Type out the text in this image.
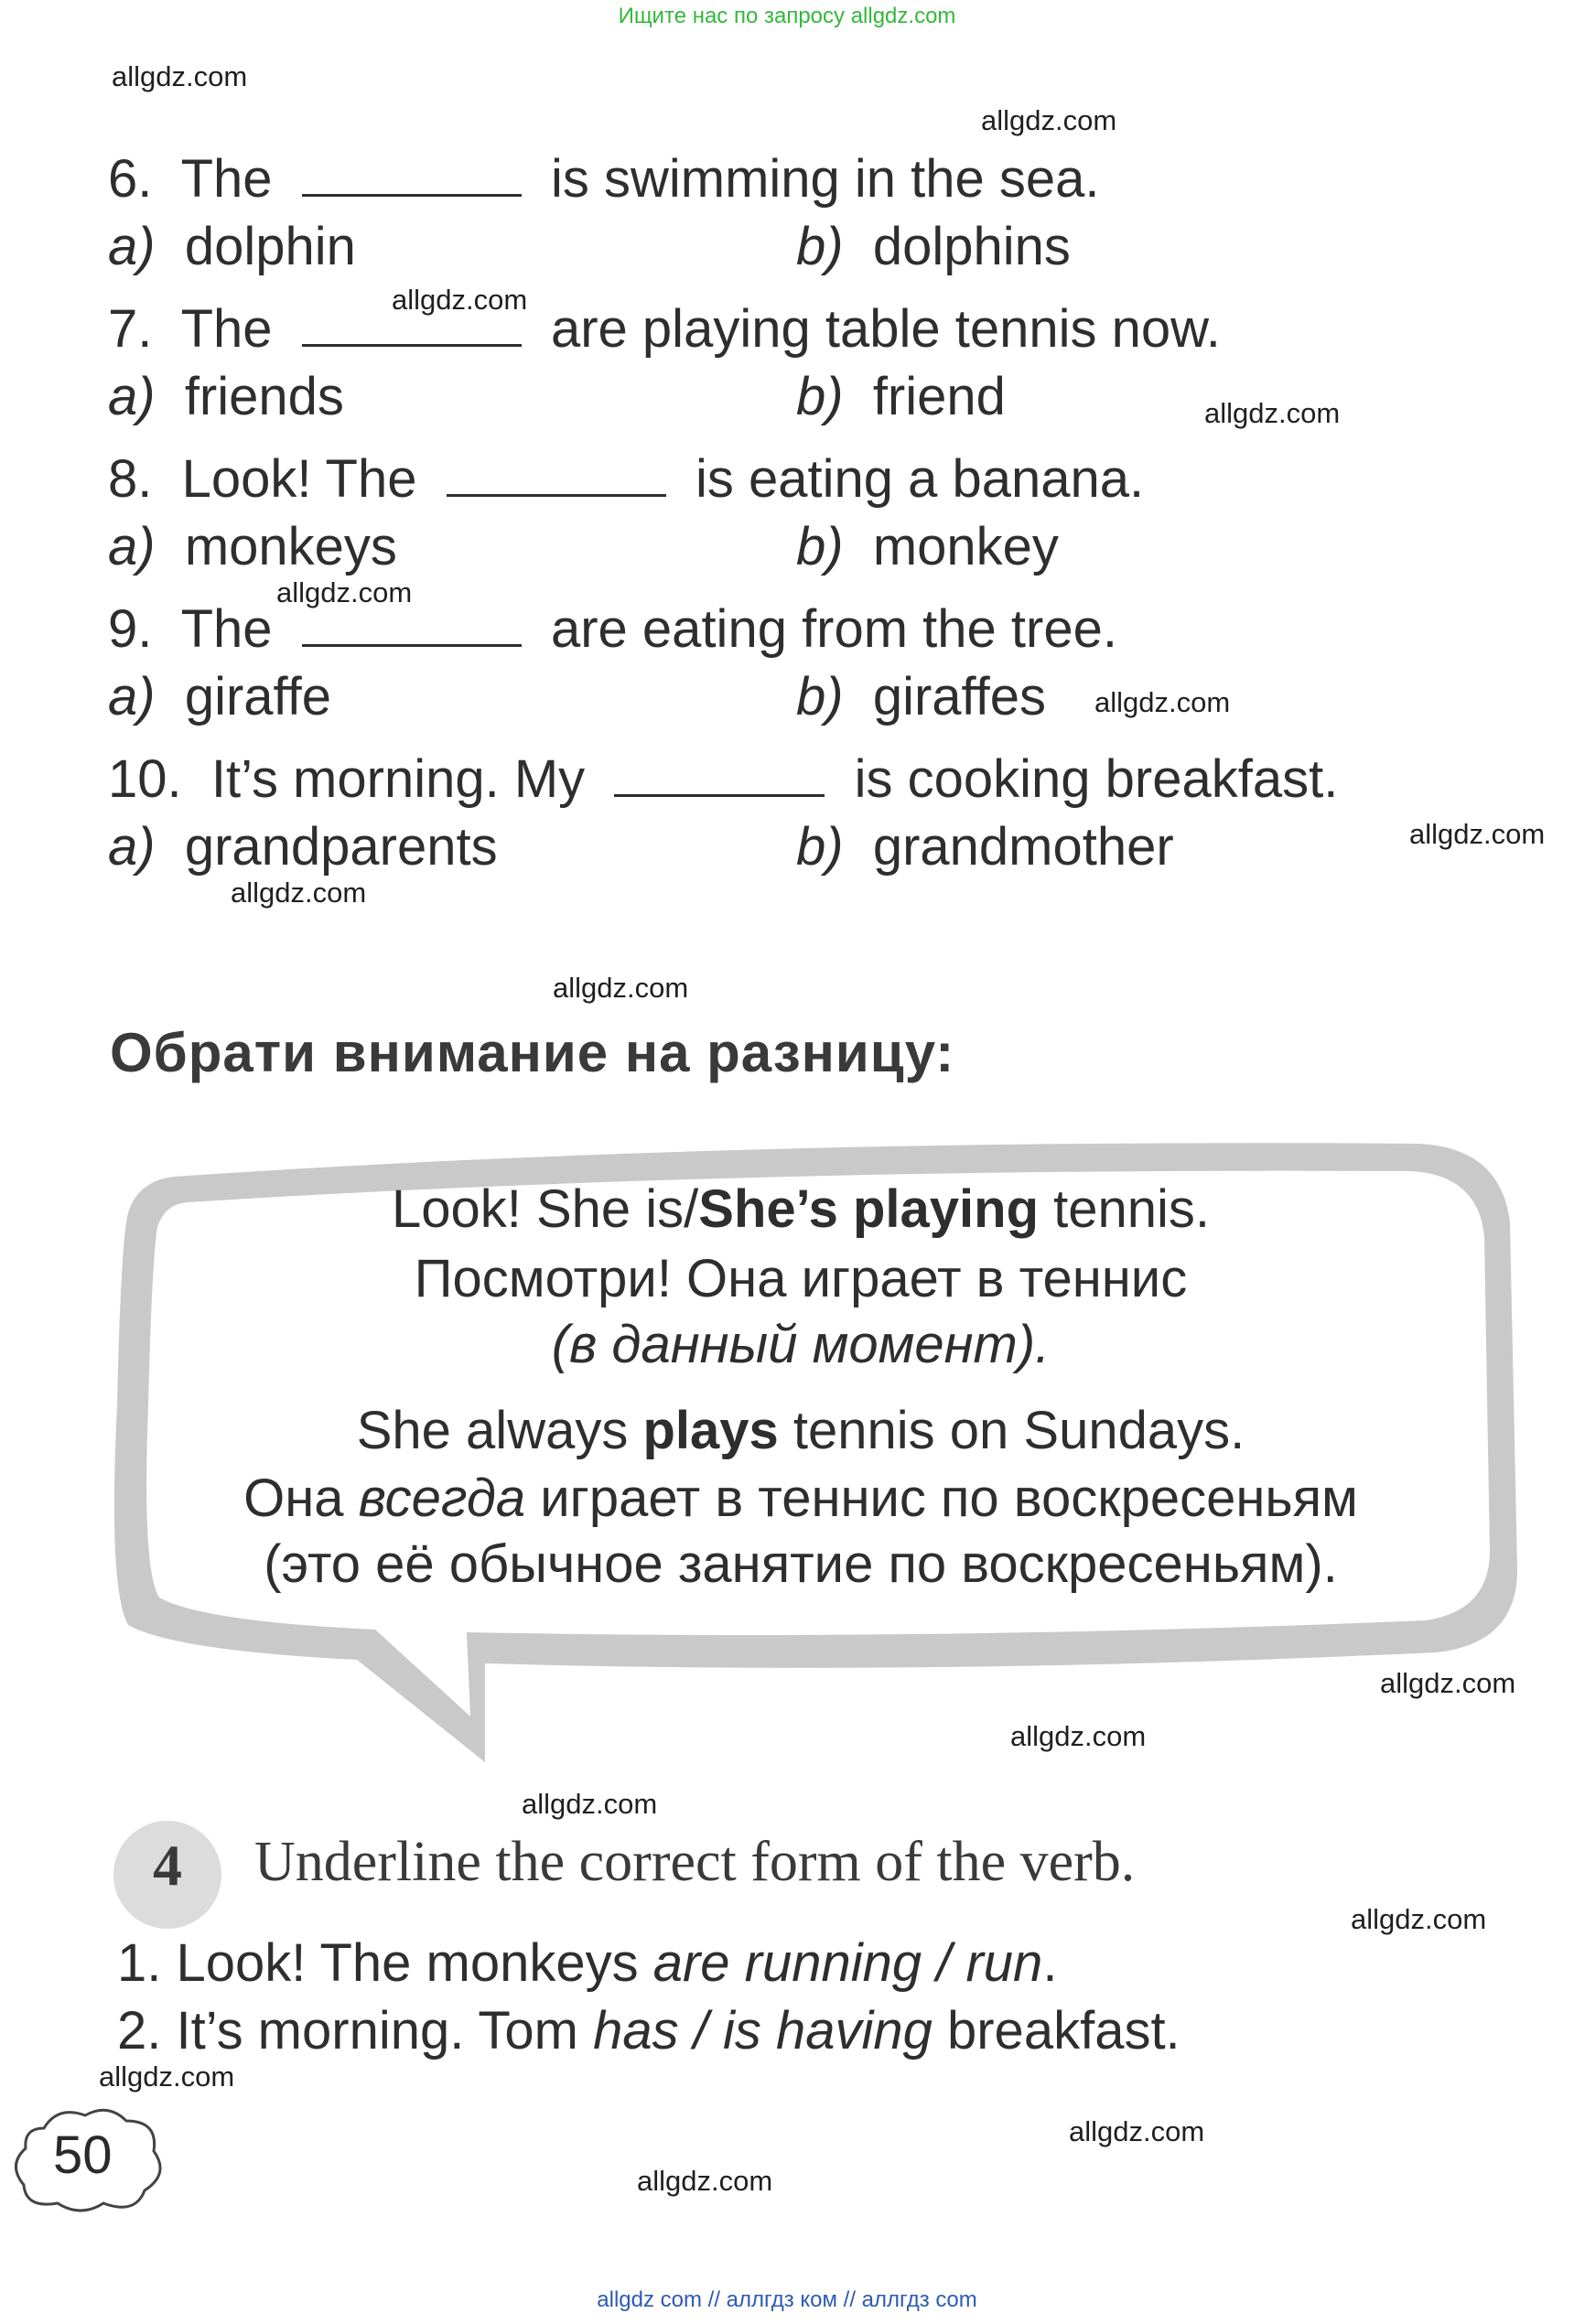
Ищите нас по запросу allgdz.com
allgdz.com
allgdz.com
allgdz.com
allgdz.com
allgdz.com
allgdz.com
allgdz.com
allgdz.com
allgdz.com
allgdz.com
allgdz.com
allgdz.com
allgdz.com
allgdz.com
allgdz.com
allgdz.com
6. The	is swimming in the sea.
a) dolphin	b) dolphins
7. The	are playing table tennis now.
a) friends	b) friend
8. Look! The	is eating a banana.
a) monkeys	b) monkey
9. The	are eating from the tree.
a) giraffe	b) giraffes
10. It’s morning. My	is cooking breakfast.
a) grandparents	b) grandmother
Обрати внимание на разницу:
Look! She is/She’s playing tennis.
Посмотри! Она играет в теннис
(в данный момент).
She always plays tennis on Sundays.
Она всегда играет в теннис по воскресеньям
(это её обычное занятие по воскресеньям).
4	Underline the correct form of the verb.
1. Look! The monkeys are running / run.
2. It’s morning. Tom has / is having breakfast.
50
allgdz com // аллгдз ком // аллгдз com
